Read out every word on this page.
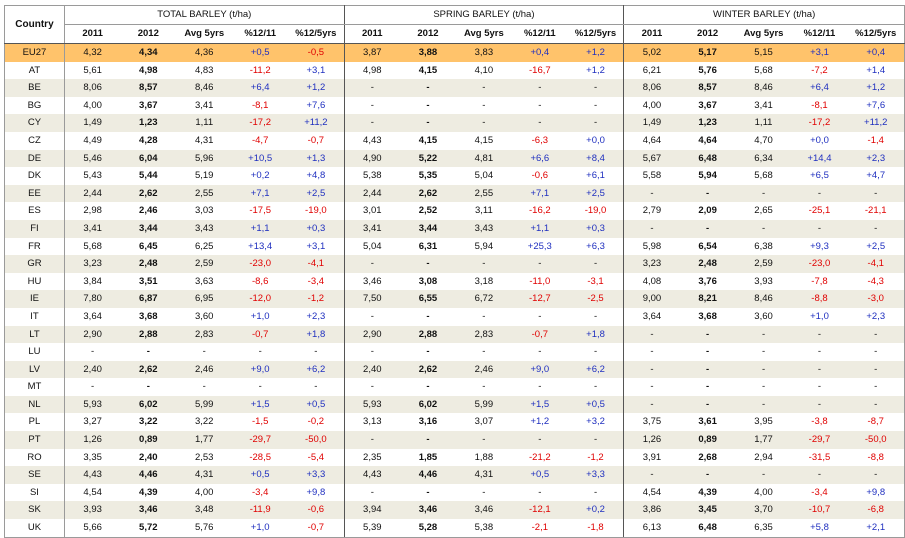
Country	TOTAL BARLEY (t/ha)					SPRING BARLEY (t/ha)					WINTER BARLEY (t/ha)				
	2011	2012	Avg 5yrs	%12/11	%12/5yrs	2011	2012	Avg 5yrs	%12/11	%12/5yrs	2011	2012	Avg 5yrs	%12/11	%12/5yrs
EU27	4,32	4,34	4,36	+0,5	-0,5	3,87	3,88	3,83	+0,4	+1,2	5,02	5,17	5,15	+3,1	+0,4
AT	5,61	4,98	4,83	-11,2	+3,1	4,98	4,15	4,10	-16,7	+1,2	6,21	5,76	5,68	-7,2	+1,4
BE	8,06	8,57	8,46	+6,4	+1,2	-	-	-	-	-	8,06	8,57	8,46	+6,4	+1,2
BG	4,00	3,67	3,41	-8,1	+7,6	-	-	-	-	-	4,00	3,67	3,41	-8,1	+7,6
CY	1,49	1,23	1,11	-17,2	+11,2	-	-	-	-	-	1,49	1,23	1,11	-17,2	+11,2
CZ	4,49	4,28	4,31	-4,7	-0,7	4,43	4,15	4,15	-6,3	+0,0	4,64	4,64	4,70	+0,0	-1,4
DE	5,46	6,04	5,96	+10,5	+1,3	4,90	5,22	4,81	+6,6	+8,4	5,67	6,48	6,34	+14,4	+2,3
DK	5,43	5,44	5,19	+0,2	+4,8	5,38	5,35	5,04	-0,6	+6,1	5,58	5,94	5,68	+6,5	+4,7
EE	2,44	2,62	2,55	+7,1	+2,5	2,44	2,62	2,55	+7,1	+2,5	-	-	-	-	-
ES	2,98	2,46	3,03	-17,5	-19,0	3,01	2,52	3,11	-16,2	-19,0	2,79	2,09	2,65	-25,1	-21,1
FI	3,41	3,44	3,43	+1,1	+0,3	3,41	3,44	3,43	+1,1	+0,3	-	-	-	-	-
FR	5,68	6,45	6,25	+13,4	+3,1	5,04	6,31	5,94	+25,3	+6,3	5,98	6,54	6,38	+9,3	+2,5
GR	3,23	2,48	2,59	-23,0	-4,1	-	-	-	-	-	3,23	2,48	2,59	-23,0	-4,1
HU	3,84	3,51	3,63	-8,6	-3,4	3,46	3,08	3,18	-11,0	-3,1	4,08	3,76	3,93	-7,8	-4,3
IE	7,80	6,87	6,95	-12,0	-1,2	7,50	6,55	6,72	-12,7	-2,5	9,00	8,21	8,46	-8,8	-3,0
IT	3,64	3,68	3,60	+1,0	+2,3	-	-	-	-	-	3,64	3,68	3,60	+1,0	+2,3
LT	2,90	2,88	2,83	-0,7	+1,8	2,90	2,88	2,83	-0,7	+1,8	-	-	-	-	-
LU	-	-	-	-	-	-	-	-	-	-	-	-	-	-	-
LV	2,40	2,62	2,46	+9,0	+6,2	2,40	2,62	2,46	+9,0	+6,2	-	-	-	-	-
MT	-	-	-	-	-	-	-	-	-	-	-	-	-	-	-
NL	5,93	6,02	5,99	+1,5	+0,5	5,93	6,02	5,99	+1,5	+0,5	-	-	-	-	-
PL	3,27	3,22	3,22	-1,5	-0,2	3,13	3,16	3,07	+1,2	+3,2	3,75	3,61	3,95	-3,8	-8,7
PT	1,26	0,89	1,77	-29,7	-50,0	-	-	-	-	-	1,26	0,89	1,77	-29,7	-50,0
RO	3,35	2,40	2,53	-28,5	-5,4	2,35	1,85	1,88	-21,2	-1,2	3,91	2,68	2,94	-31,5	-8,8
SE	4,43	4,46	4,31	+0,5	+3,3	4,43	4,46	4,31	+0,5	+3,3	-	-	-	-	-
SI	4,54	4,39	4,00	-3,4	+9,8	-	-	-	-	-	4,54	4,39	4,00	-3,4	+9,8
SK	3,93	3,46	3,48	-11,9	-0,6	3,94	3,46	3,46	-12,1	+0,2	3,86	3,45	3,70	-10,7	-6,8
UK	5,66	5,72	5,76	+1,0	-0,7	5,39	5,28	5,38	-2,1	-1,8	6,13	6,48	6,35	+5,8	+2,1
